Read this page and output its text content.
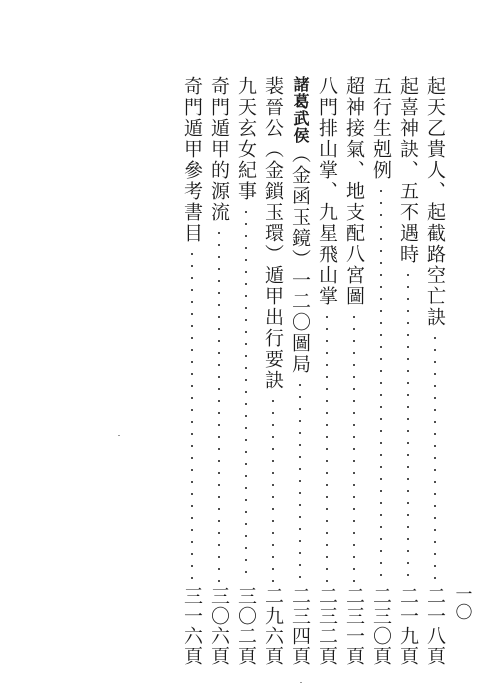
一〇
起天乙貴人、起截路空亡訣
二一八頁
起喜神訣、五不遇時
二一九頁
五行生剋例
二三〇頁
超神接氣、地支配八宮圖
二三一頁
八門排山掌、九星飛山掌
二三二頁
諸葛武侯（金函玉鏡）一二〇圖局
二三四頁
裴晉公（金鎖玉環）遁甲出行要訣
二九六頁
九天玄女紀事
三〇二頁
奇門遁甲的源流
三〇六頁
奇門遁甲參考書目
三一六頁
